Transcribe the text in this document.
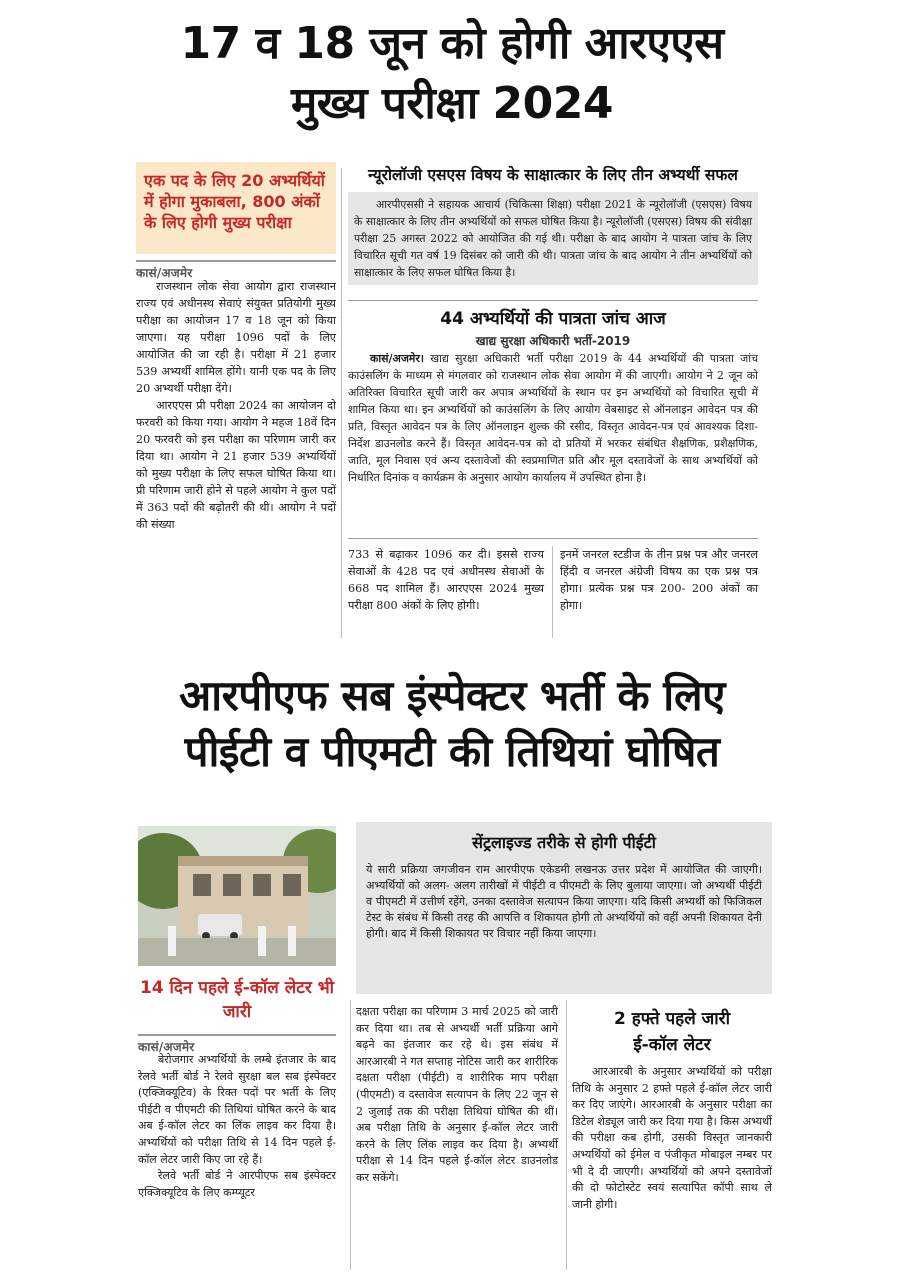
17 व 18 जून को होगी आरएएस
मुख्य परीक्षा 2024
एक पद के लिए 20 अभ्यर्थियों में होगा मुकाबला, 800 अंकों के लिए होगी मुख्य परीक्षा
कासं/अजमेर

राजस्थान लोक सेवा आयोग द्वारा राजस्थान राज्य एवं अधीनस्थ सेवाएं संयुक्त प्रतियोगी मुख्य परीक्षा का आयोजन 17 व 18 जून को किया जाएगा। यह परीक्षा 1096 पदों के लिए आयोजित की जा रही है। परीक्षा में 21 हजार 539 अभ्यर्थी शामिल होंगे। यानी एक पद के लिए 20 अभ्यर्थी परीक्षा देंगे।

आरएएस प्री परीक्षा 2024 का आयोजन दो फरवरी को किया गया। आयोग ने महज 18वें दिन 20 फरवरी को इस परीक्षा का परिणाम जारी कर दिया था। आयोग ने 21 हजार 539 अभ्यर्थियों को मुख्य परीक्षा के लिए सफल घोषित किया था। प्री परिणाम जारी होने से पहले आयोग ने कुल पदों में 363 पदों की बढ़ोतरी की थी। आयोग ने पदों की संख्या

न्यूरोलॉजी एसएस विषय के साक्षात्कार के लिए तीन अभ्यर्थी सफल

आरपीएससी ने सहायक आचार्य (चिकित्सा शिक्षा) परीक्षा 2021 के न्यूरोलॉजी (एसएस) विषय के साक्षात्कार के लिए तीन अभ्यर्थियों को सफल घोषित किया है। न्यूरोलॉजी (एसएस) विषय की संवीक्षा परीक्षा 25 अगस्त 2022 को आयोजित की गई थी। परीक्षा के बाद आयोग ने पात्रता जांच के लिए विचारित सूची गत वर्ष 19 दिसंबर को जारी की थी। पात्रता जांच के बाद आयोग ने तीन अभ्यर्थियों को साक्षात्कार के लिए सफल घोषित किया है।

44 अभ्यर्थियों की पात्रता जांच आज
खाद्य सुरक्षा अधिकारी भर्ती-2019

कासं/अजमेर। खाद्य सुरक्षा अधिकारी भर्ती परीक्षा 2019 के 44 अभ्यर्थियों की पात्रता जांच काउंसलिंग के माध्यम से मंगलवार को राजस्थान लोक सेवा आयोग में की जाएगी। आयोग ने 2 जून को अतिरिक्त विचारित सूची जारी कर अपात्र अभ्यर्थियों के स्थान पर इन अभ्यर्थियों को विचारित सूची में शामिल किया था। इन अभ्यर्थियों को काउंसलिंग के लिए आयोग वेबसाइट से ऑनलाइन आवेदन पत्र की प्रति, विस्तृत आवेदन पत्र के लिए ऑनलाइन शुल्क की रसीद, विस्तृत आवेदन-पत्र एवं आवश्यक दिशा-निर्देश डाउनलोड करने हैं। विस्तृत आवेदन-पत्र को दो प्रतियों में भरकर संबंधित शैक्षणिक, प्रशैक्षणिक, जाति, मूल निवास एवं अन्य दस्तावेजों की स्वप्रमाणित प्रति और मूल दस्तावेजों के साथ अभ्यर्थियों को निर्धारित दिनांक व कार्यक्रम के अनुसार आयोग कार्यालय में उपस्थित होना है।

733 से बढ़ाकर 1096 कर दी। इससे राज्य सेवाओं के 428 पद एवं अधीनस्थ सेवाओं के 668 पद शामिल हैं। आरएएस 2024 मुख्य परीक्षा 800 अंकों के लिए होगी।

इनमें जनरल स्टडीज के तीन प्रश्न पत्र और जनरल हिंदी व जनरल अंग्रेजी विषय का एक प्रश्न पत्र होगा। प्रत्येक प्रश्न पत्र 200- 200 अंकों का होगा।

आरपीएफ सब इंस्पेक्टर भर्ती के लिए
पीईटी व पीएमटी की तिथियां घोषित
सेंट्रलाइज्ड तरीके से होगी पीईटी

ये सारी प्रक्रिया जगजीवन राम आरपीएफ एकेडमी लखनऊ उत्तर प्रदेश में आयोजित की जाएगी। अभ्यर्थियों को अलग- अलग तारीखों में पीईटी व पीएमटी के लिए बुलाया जाएगा। जो अभ्यर्थी पीईटी व पीएमटी में उत्तीर्ण रहेंगे, उनका दस्तावेज सत्यापन किया जाएगा। यदि किसी अभ्यर्थी को फिजिकल टेस्ट के संबंध में किसी तरह की आपत्ति व शिकायत होगी तो अभ्यर्थियों को वहीं अपनी शिकायत देनी होगी। बाद में किसी शिकायत पर विचार नहीं किया जाएगा।

14 दिन पहले ई-कॉल लेटर भी जारी
कासं/अजमेर

बेरोजगार अभ्यर्थियों के लम्बे इंतजार के बाद रेलवे भर्ती बोर्ड ने रेलवे सुरक्षा बल सब इंस्पेक्टर (एक्जिक्यूटिव) के रिक्त पदों पर भर्ती के लिए पीईटी व पीएमटी की तिथियां घोषित करने के बाद अब ई-कॉल लेटर का लिंक लाइव कर दिया है। अभ्यर्थियों को परीक्षा तिथि से 14 दिन पहले ई-कॉल लेटर जारी किए जा रहे हैं।

रेलवे भर्ती बोर्ड ने आरपीएफ सब इंस्पेक्टर एक्जिक्यूटिव के लिए कम्प्यूटर

दक्षता परीक्षा का परिणाम 3 मार्च 2025 को जारी कर दिया था। तब से अभ्यर्थी भर्ती प्रक्रिया आगे बढ़ने का इंतजार कर रहे थे। इस संबंध में आरआरबी ने गत सप्ताह नोटिस जारी कर शारीरिक दक्षता परीक्षा (पीईटी) व शारीरिक माप परीक्षा (पीएमटी) व दस्तावेज सत्यापन के लिए 22 जून से 2 जुलाई तक की परीक्षा तिथियां घोषित की थीं। अब परीक्षा तिथि के अनुसार ई-कॉल लेटर जारी करने के लिए लिंक लाइव कर दिया है। अभ्यर्थी परीक्षा से 14 दिन पहले ई-कॉल लेटर डाउनलोड कर सकेंगे।

2 हफ्ते पहले जारी
ई-कॉल लेटर

आरआरबी के अनुसार अभ्यर्थियों को परीक्षा तिथि के अनुसार 2 हफ्ते पहले ई-कॉल लेटर जारी कर दिए जाएंगे। आरआरबी के अनुसार परीक्षा का डिटेल शेड्यूल जारी कर दिया गया है। किस अभ्यर्थी की परीक्षा कब होगी, उसकी विस्तृत जानकारी अभ्यर्थियों को ईमेल व पंजीकृत मोबाइल नम्बर पर भी दे दी जाएगी। अभ्यर्थियों को अपने दस्तावेजों की दो फोटोस्टेट स्वयं सत्यापित कॉपी साथ ले जानी होगी।
